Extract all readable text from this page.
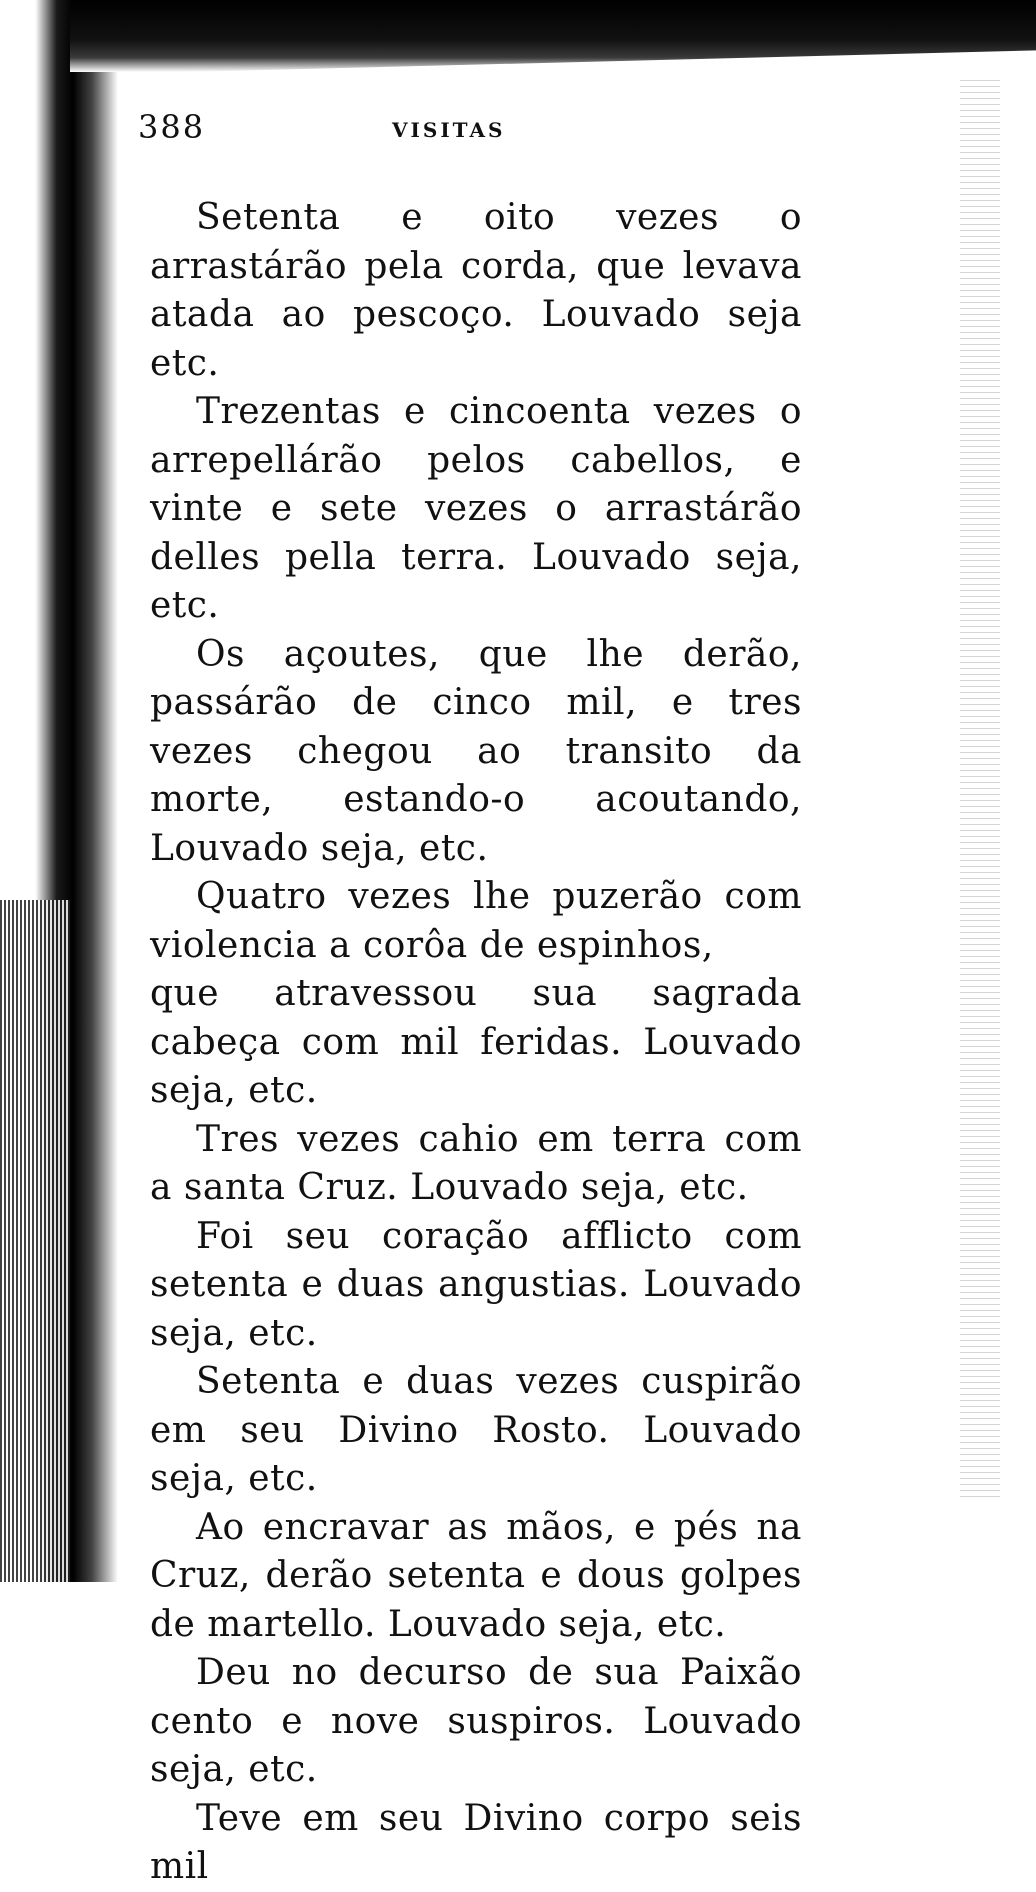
388	VISITAS

Setenta e oito vezes o arrastárão pela corda, que levava atada ao pescoço. Louvado seja etc.

Trezentas e cincoenta vezes o arrepellárão pelos cabellos, e vinte e sete vezes o arrastárão delles pella terra. Louvado seja, etc.

Os açoutes, que lhe derão, passárão de cinco mil, e tres vezes chegou ao transito da morte, estando-o acoutando, Louvado seja, etc.

Quatro vezes lhe puzerão com violencia a corôa de espinhos,

que atravessou sua sagrada cabeça com mil feridas. Louvado seja, etc.

Tres vezes cahio em terra com a santa Cruz. Louvado seja, etc.

Foi seu coração afflicto com setenta e duas angustias. Louvado seja, etc.

Setenta e duas vezes cuspirão em seu Divino Rosto. Louvado seja, etc.

Ao encravar as mãos, e pés na Cruz, derão setenta e dous golpes de martello. Louvado seja, etc.

Deu no decurso de sua Paixão cento e nove suspiros. Louvado seja, etc.

Teve em seu Divino corpo seis mil
